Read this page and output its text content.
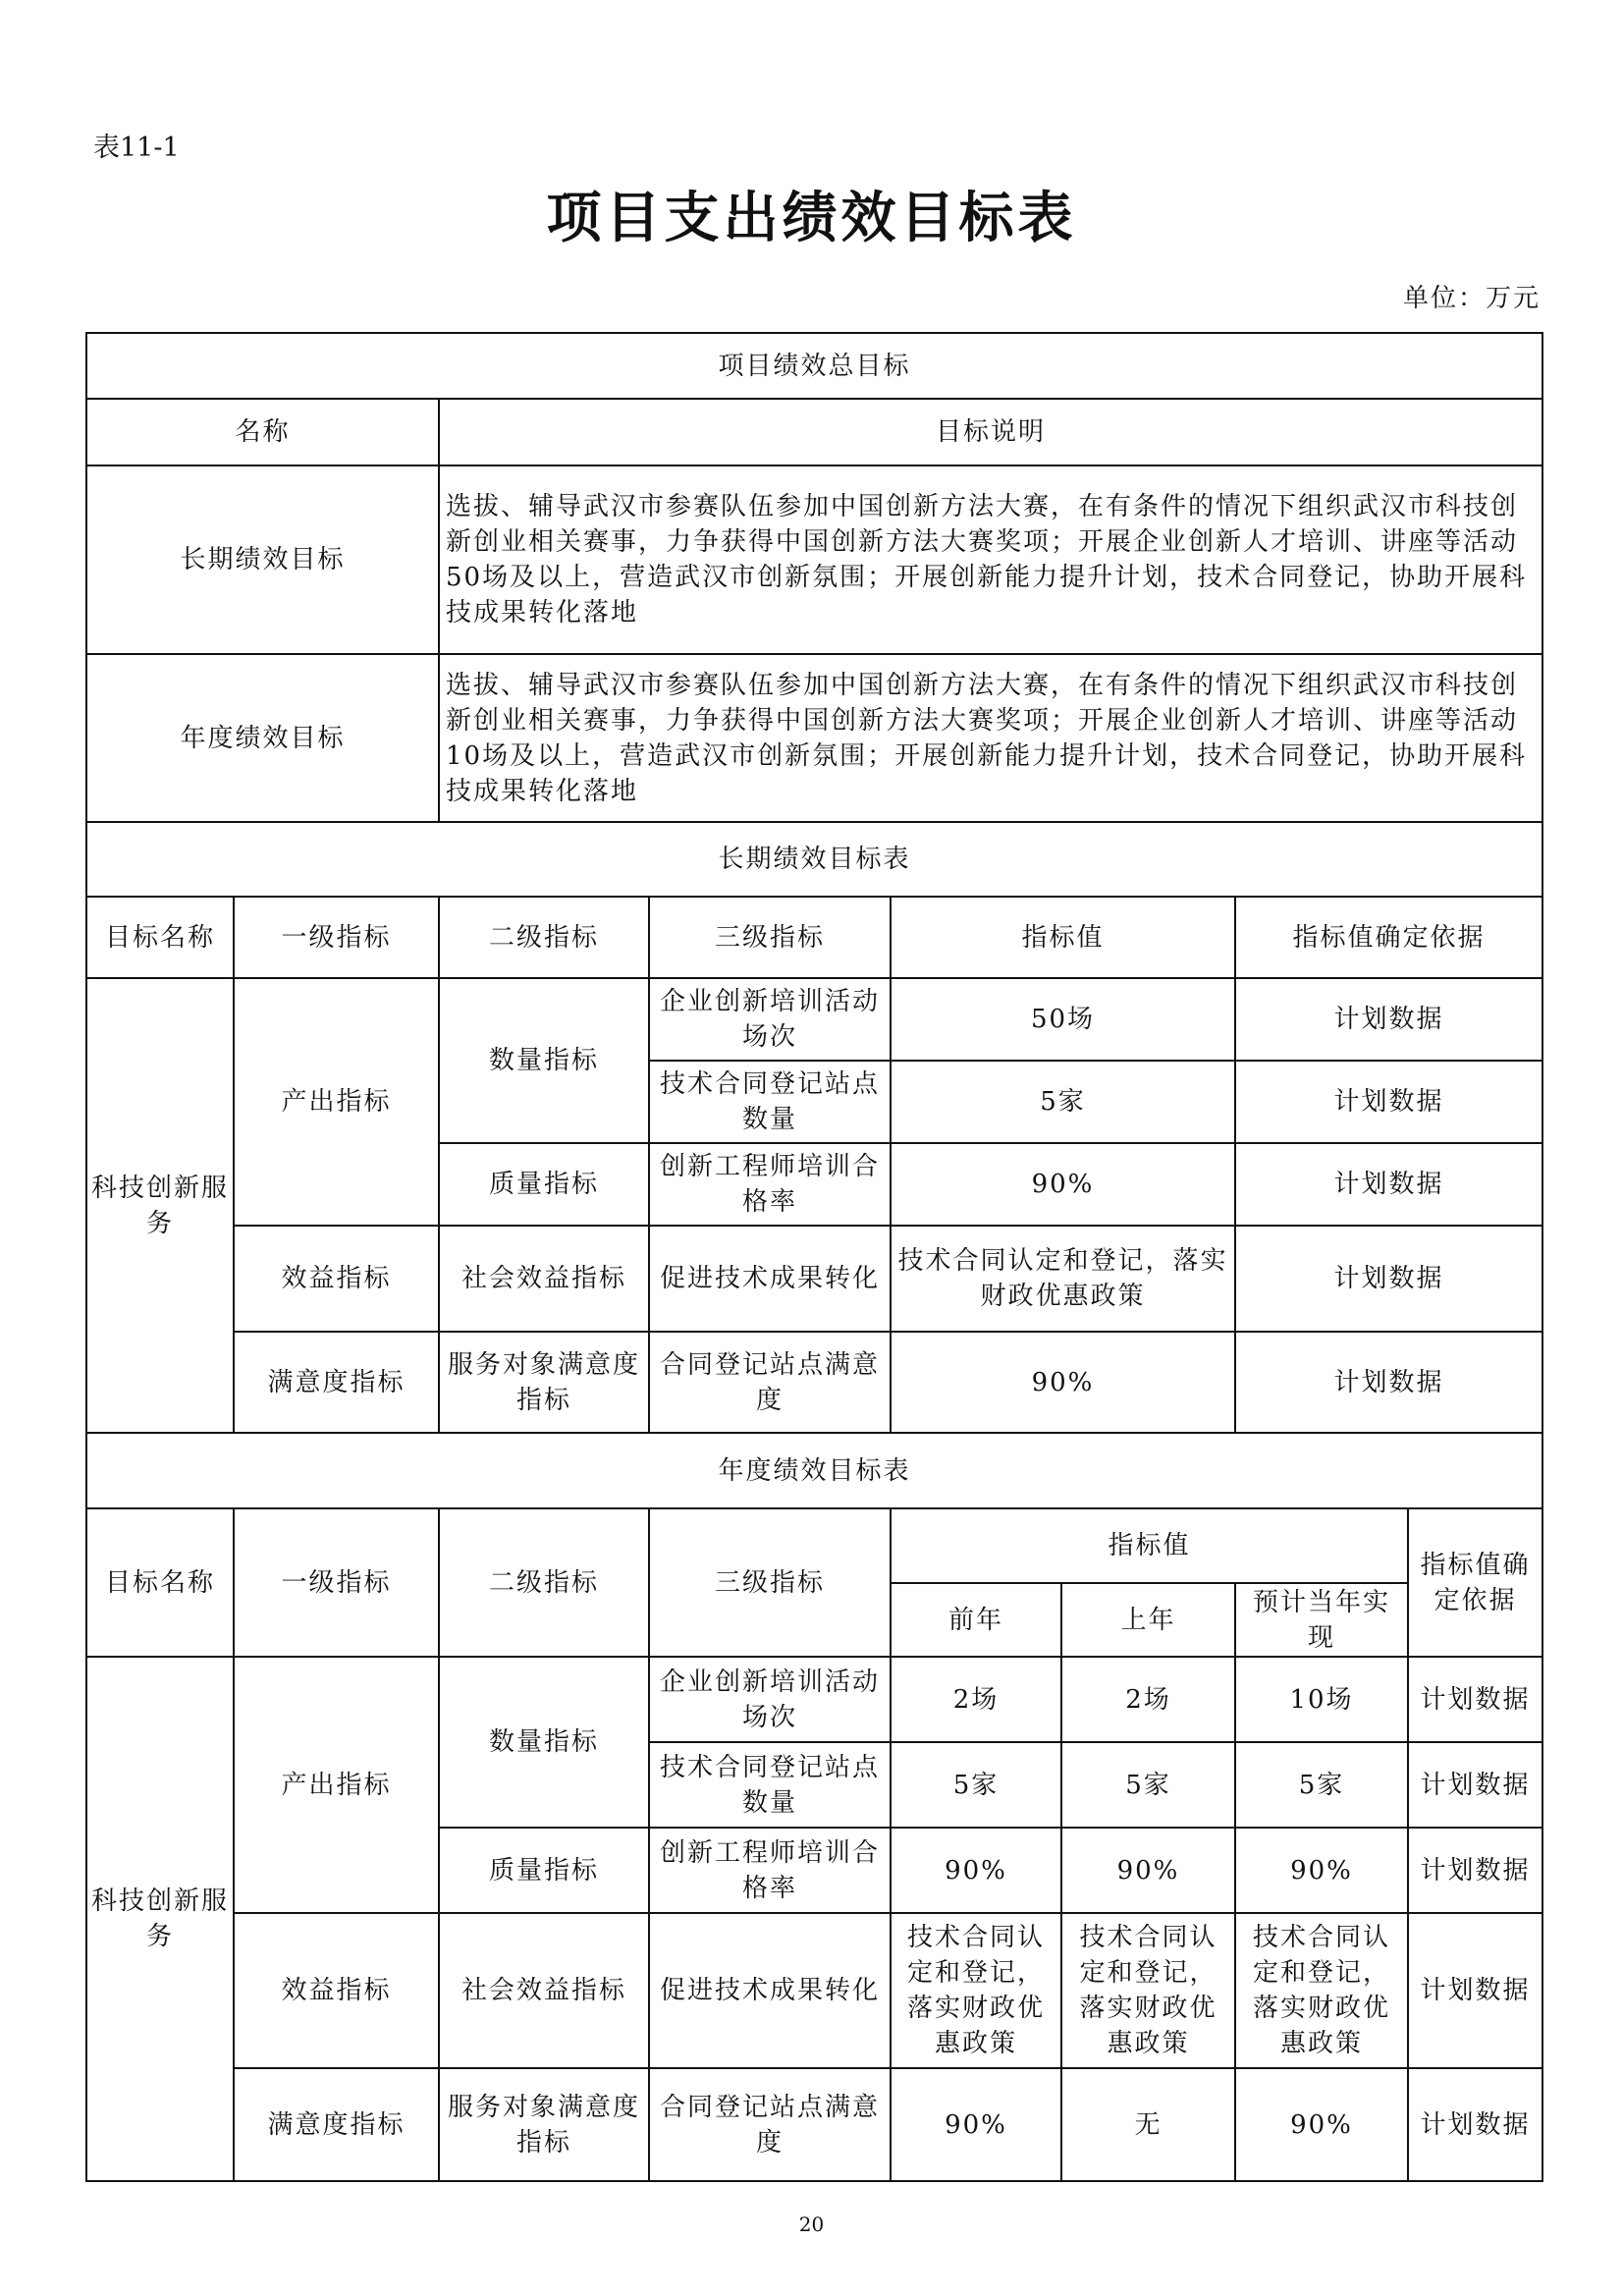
表11-1
项目支出绩效目标表
单位：万元
项目绩效总目标	
名称	目标说明
长期绩效目标	选拔、辅导武汉市参赛队伍参加中国创新方法大赛，在有条件的情况下组织武汉市科技创新创业相关赛事，力争获得中国创新方法大赛奖项；开展企业创新人才培训、讲座等活动50场及以上，营造武汉市创新氛围；开展创新能力提升计划，技术合同登记，协助开展科技成果转化落地
年度绩效目标	选拔、辅导武汉市参赛队伍参加中国创新方法大赛，在有条件的情况下组织武汉市科技创新创业相关赛事，力争获得中国创新方法大赛奖项；开展企业创新人才培训、讲座等活动10场及以上，营造武汉市创新氛围；开展创新能力提升计划，技术合同登记，协助开展科技成果转化落地
长期绩效目标表					
目标名称	一级指标	二级指标	三级指标	指标值	指标值确定依据
科技创新服务	产出指标	数量指标	企业创新培训活动场次	50场	计划数据
			技术合同登记站点数量	5家	计划数据
		质量指标	创新工程师培训合格率	90%	计划数据
	效益指标	社会效益指标	促进技术成果转化	技术合同认定和登记，落实财政优惠政策	计划数据
	满意度指标	服务对象满意度指标	合同登记站点满意度	90%	计划数据
年度绩效目标表							
目标名称	一级指标	二级指标	三级指标	指标值			指标值确定依据
				前年	上年	预计当年实现	
科技创新服务	产出指标	数量指标	企业创新培训活动场次	2场	2场	10场	计划数据
			技术合同登记站点数量	5家	5家	5家	计划数据
		质量指标	创新工程师培训合格率	90%	90%	90%	计划数据
	效益指标	社会效益指标	促进技术成果转化	技术合同认定和登记，落实财政优惠政策	技术合同认定和登记，落实财政优惠政策	技术合同认定和登记，落实财政优惠政策	计划数据
	满意度指标	服务对象满意度指标	合同登记站点满意度	90%	无	90%	计划数据
20
